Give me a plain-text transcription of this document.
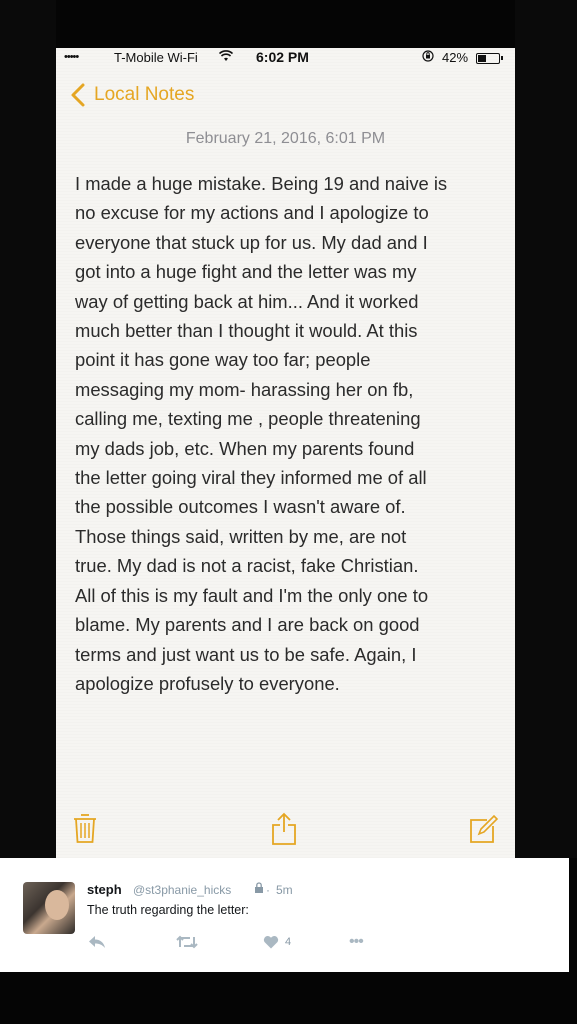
•••••	T-Mobile Wi-Fi	6:02 PM	42%
Local Notes
February 21, 2016, 6:01 PM
I made a huge mistake. Being 19 and naive is
no excuse for my actions and I apologize to
everyone that stuck up for us. My dad and I
got into a huge fight and the letter was my
way of getting back at him... And it worked
much better than I thought it would. At this
point it has gone way too far; people
messaging my mom- harassing her on fb,
calling me, texting me , people threatening
my dads job, etc. When my parents found
the letter going viral they informed me of all
the possible outcomes I wasn't aware of.
Those things said, written by me, are not
true. My dad is not a racist, fake Christian.
All of this is my fault and I'm the only one to
blame. My parents and I are back on good
terms and just want us to be safe. Again, I
apologize profusely to everyone.
steph @st3phanie_hicks	· 5m
The truth regarding the letter:
4	•••
